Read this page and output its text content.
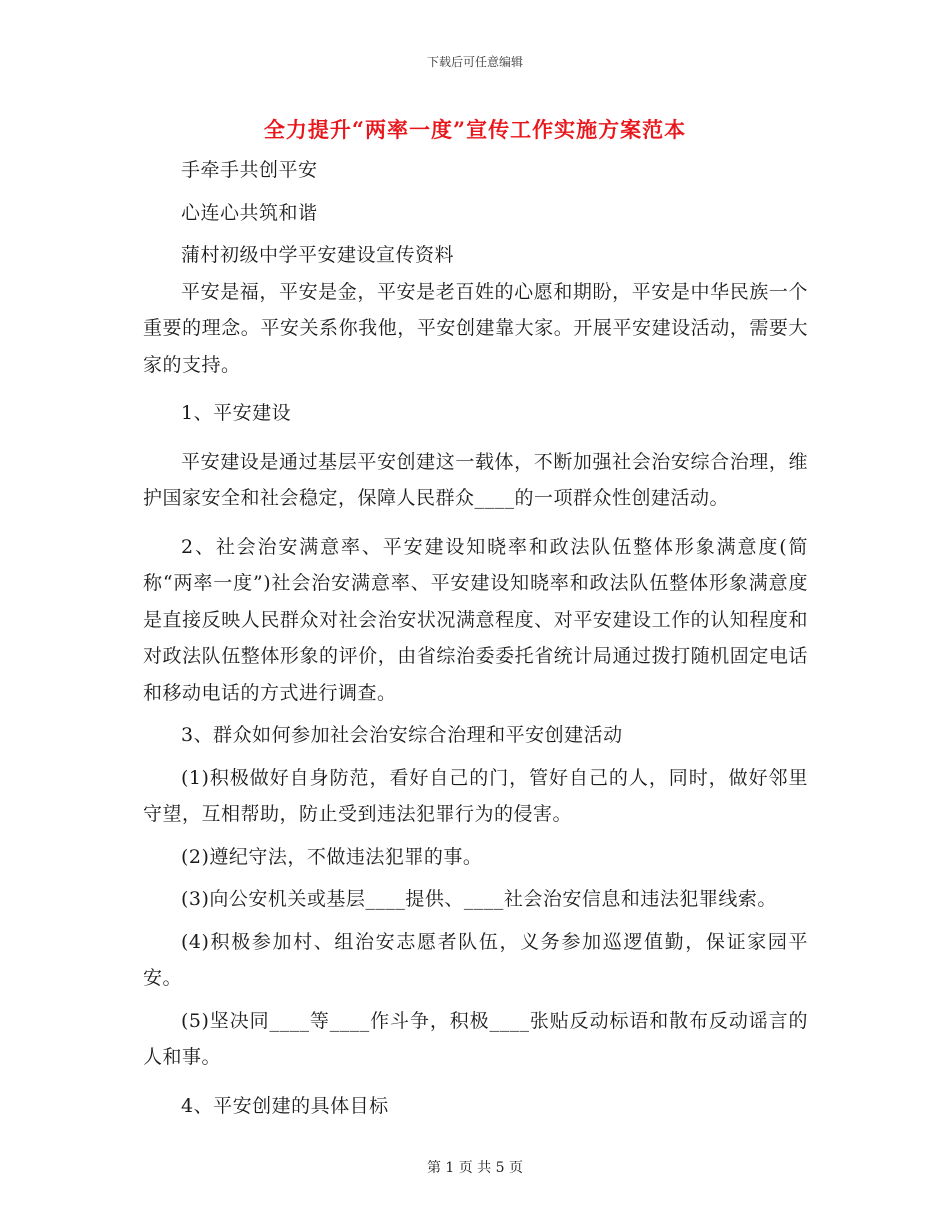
下载后可任意编辑
全力提升“两率一度”宣传工作实施方案范本

手牵手共创平安

心连心共筑和谐

蒲村初级中学平安建设宣传资料

平安是福，平安是金，平安是老百姓的心愿和期盼，平安是中华民族一个重要的理念。平安关系你我他，平安创建靠大家。开展平安建设活动，需要大家的支持。

1、平安建设

平安建设是通过基层平安创建这一载体，不断加强社会治安综合治理，维护国家安全和社会稳定，保障人民群众____的一项群众性创建活动。

2、社会治安满意率、平安建设知晓率和政法队伍整体形象满意度(简称“两率一度”)社会治安满意率、平安建设知晓率和政法队伍整体形象满意度是直接反映人民群众对社会治安状况满意程度、对平安建设工作的认知程度和对政法队伍整体形象的评价，由省综治委委托省统计局通过拨打随机固定电话和移动电话的方式进行调查。

3、群众如何参加社会治安综合治理和平安创建活动

(1)积极做好自身防范，看好自己的门，管好自己的人，同时，做好邻里守望，互相帮助，防止受到违法犯罪行为的侵害。

(2)遵纪守法，不做违法犯罪的事。

(3)向公安机关或基层____提供、____社会治安信息和违法犯罪线索。

(4)积极参加村、组治安志愿者队伍，义务参加巡逻值勤，保证家园平安。

(5)坚决同____等____作斗争，积极____张贴反动标语和散布反动谣言的人和事。

4、平安创建的具体目标

第 1 页 共 5 页
